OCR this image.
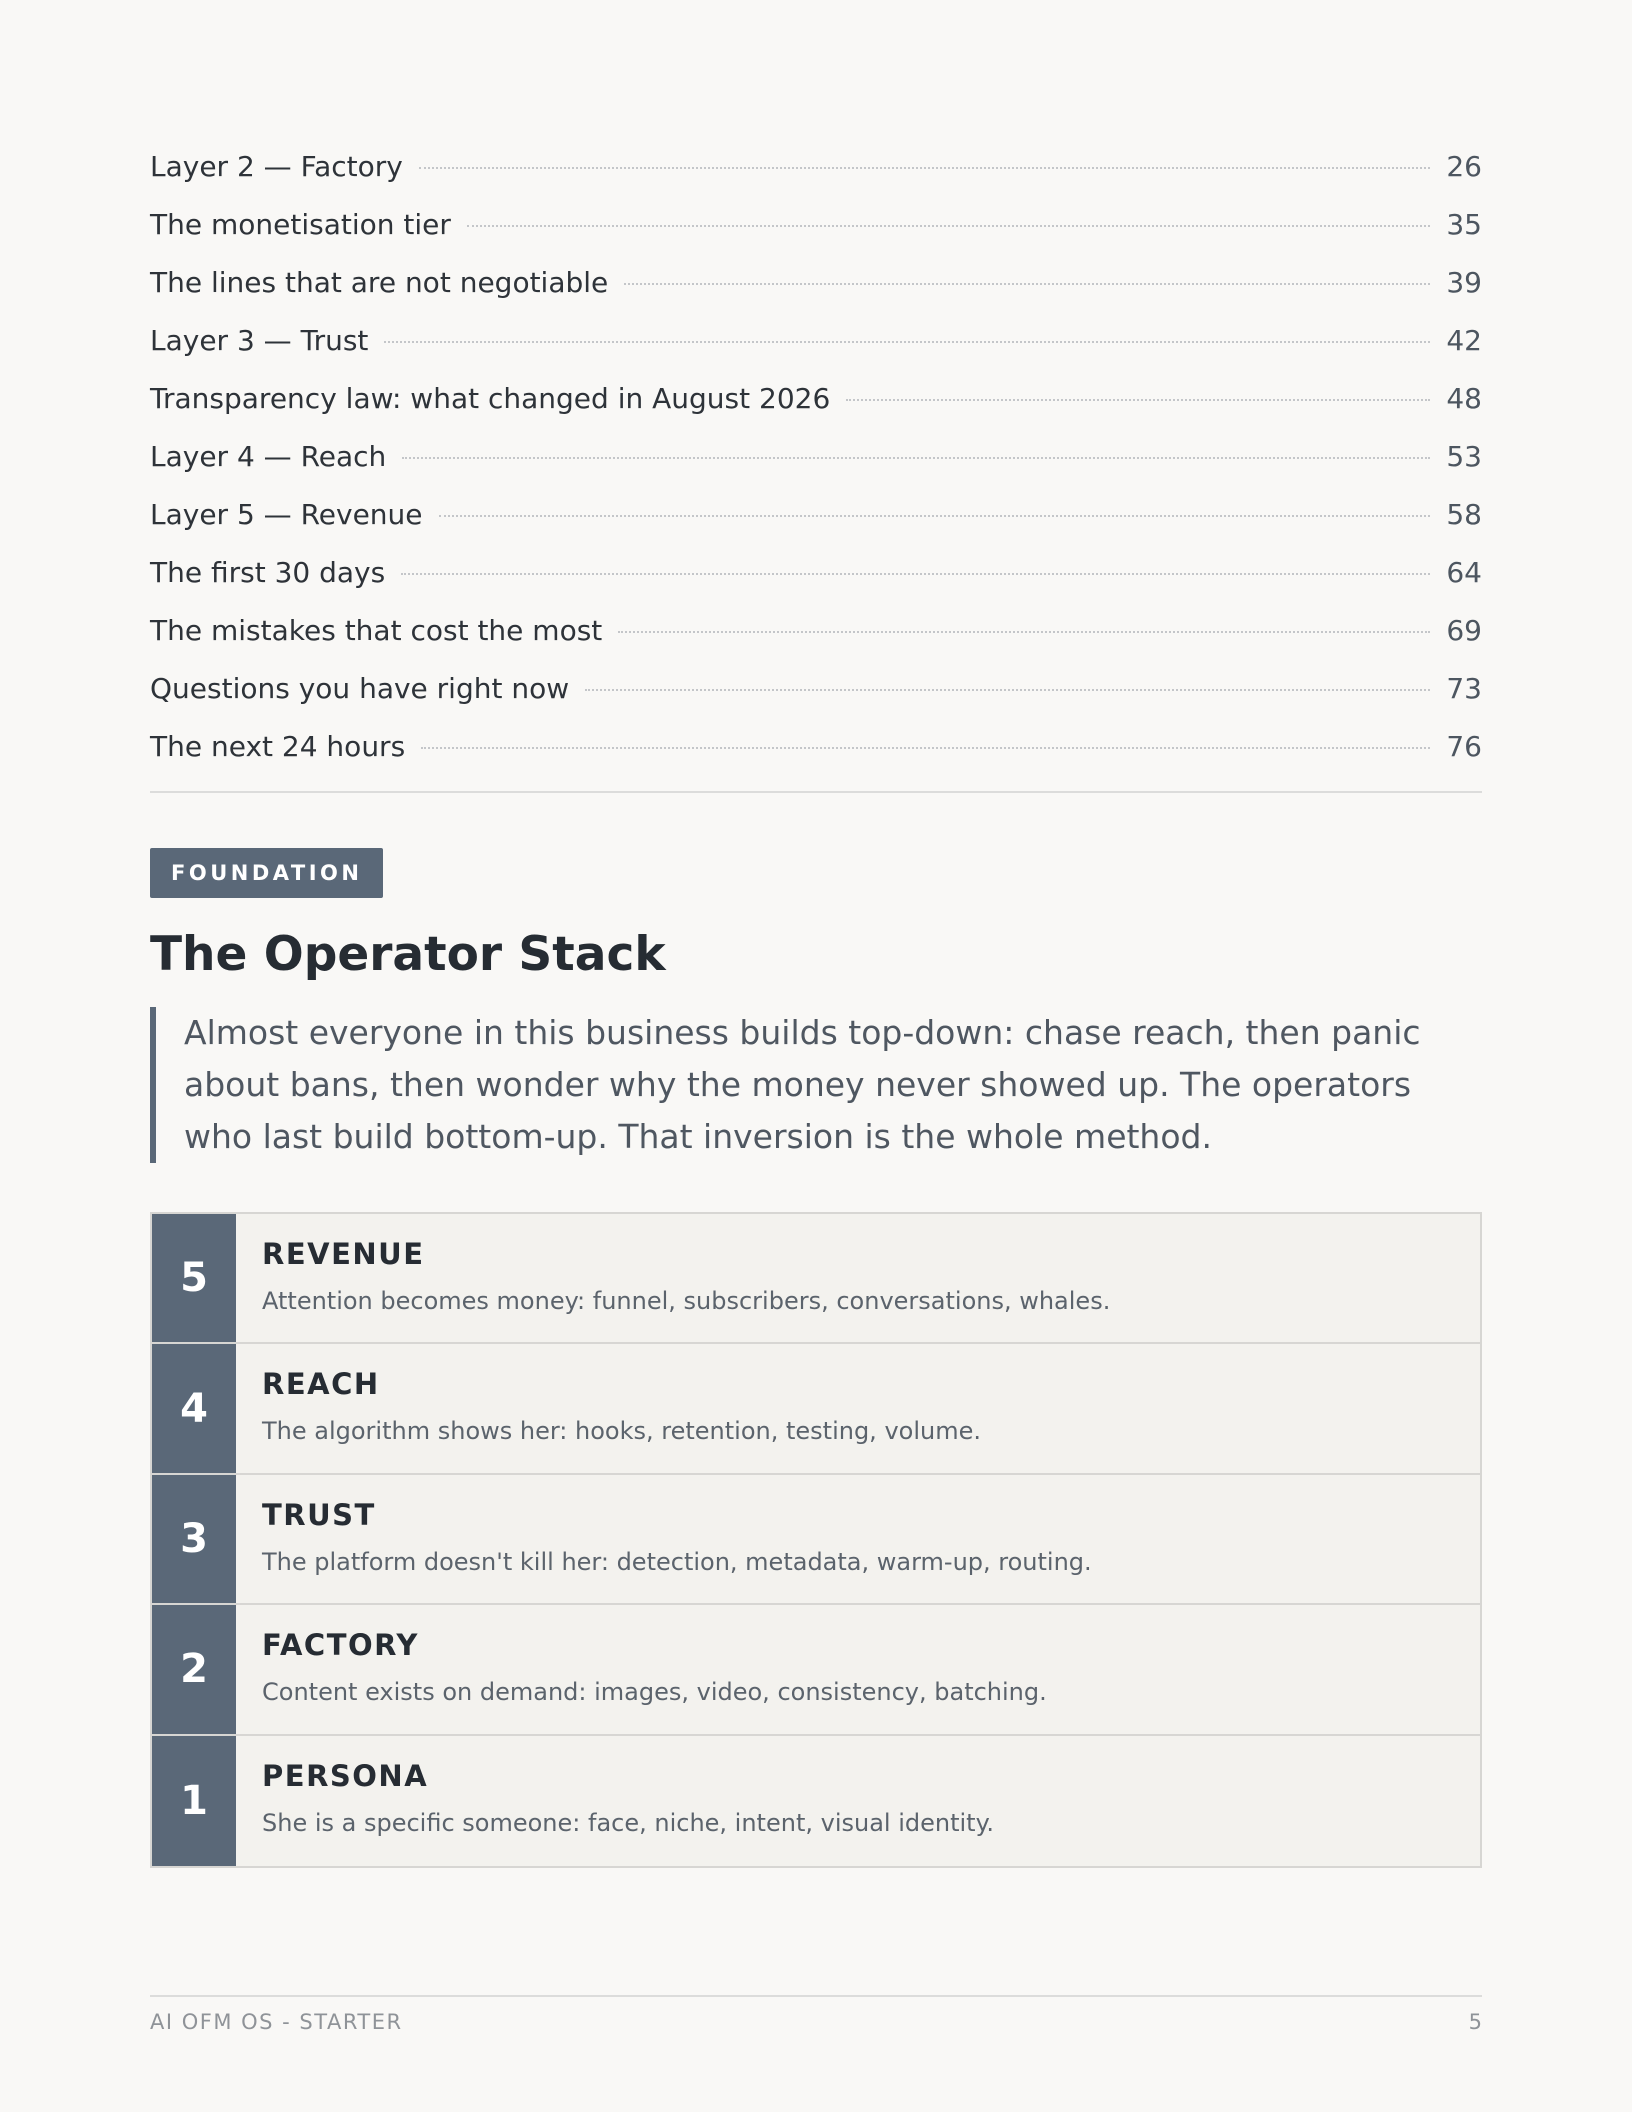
Layer 2 — Factory	26
The monetisation tier	35
The lines that are not negotiable	39
Layer 3 — Trust	42
Transparency law: what changed in August 2026	48
Layer 4 — Reach	53
Layer 5 — Revenue	58
The first 30 days	64
The mistakes that cost the most	69
Questions you have right now	73
The next 24 hours	76
FOUNDATION
The Operator Stack
Almost everyone in this business builds top-down: chase reach, then panic about bans, then wonder why the money never showed up. The operators who last build bottom-up. That inversion is the whole method.
5
REVENUE
Attention becomes money: funnel, subscribers, conversations, whales.
4
REACH
The algorithm shows her: hooks, retention, testing, volume.
3
TRUST
The platform doesn't kill her: detection, metadata, warm-up, routing.
2
FACTORY
Content exists on demand: images, video, consistency, batching.
1
PERSONA
She is a specific someone: face, niche, intent, visual identity.
AI OFM OS - STARTER	5
